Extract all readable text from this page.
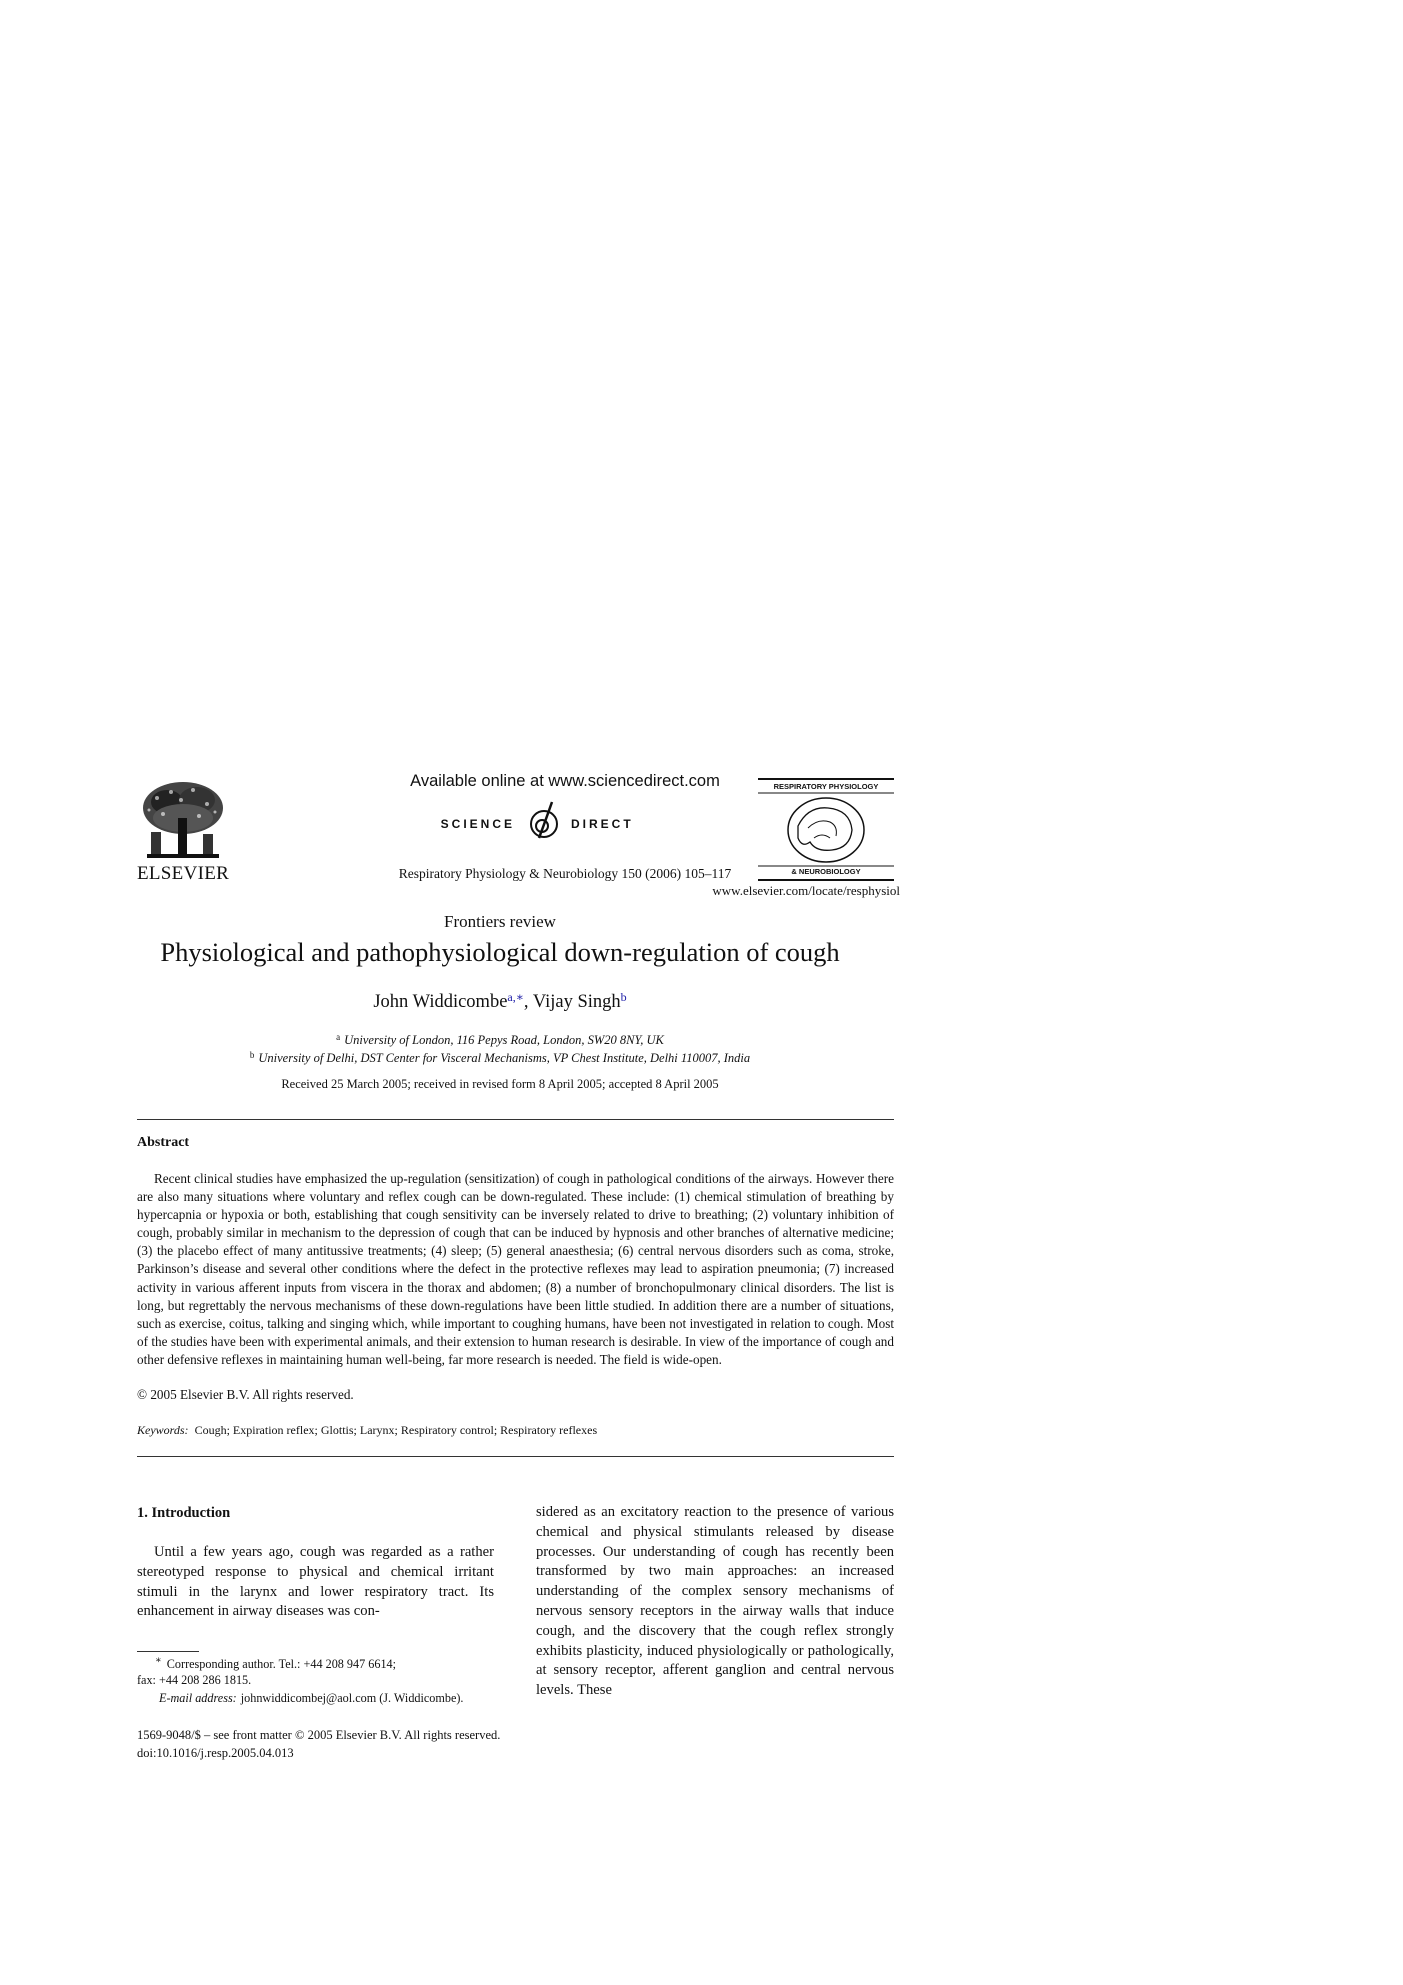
ELSEVIER
Available online at www.sciencedirect.com
SCIENCE	DIRECT
Respiratory Physiology & Neurobiology 150 (2006) 105–117
RESPIRATORY PHYSIOLOGY
& NEUROBIOLOGY
www.elsevier.com/locate/resphysiol
Frontiers review
Physiological and pathophysiological down-regulation of cough
John Widdicombe$^{a,∗}$, Vijay Singh$^b$
$^a$ University of London, 116 Pepys Road, London, SW20 8NY, UK
$^b$ University of Delhi, DST Center for Visceral Mechanisms, VP Chest Institute, Delhi 110007, India
Received 25 March 2005; received in revised form 8 April 2005; accepted 8 April 2005
Abstract
Recent clinical studies have emphasized the up-regulation (sensitization) of cough in pathological conditions of the airways. However there are also many situations where voluntary and reflex cough can be down-regulated. These include: (1) chemical stimulation of breathing by hypercapnia or hypoxia or both, establishing that cough sensitivity can be inversely related to drive to breathing; (2) voluntary inhibition of cough, probably similar in mechanism to the depression of cough that can be induced by hypnosis and other branches of alternative medicine; (3) the placebo effect of many antitussive treatments; (4) sleep; (5) general anaesthesia; (6) central nervous disorders such as coma, stroke, Parkinson’s disease and several other conditions where the defect in the protective reflexes may lead to aspiration pneumonia; (7) increased activity in various afferent inputs from viscera in the thorax and abdomen; (8) a number of bronchopulmonary clinical disorders. The list is long, but regrettably the nervous mechanisms of these down-regulations have been little studied. In addition there are a number of situations, such as exercise, coitus, talking and singing which, while important to coughing humans, have been not investigated in relation to cough. Most of the studies have been with experimental animals, and their extension to human research is desirable. In view of the importance of cough and other defensive reflexes in maintaining human well-being, far more research is needed. The field is wide-open.
© 2005 Elsevier B.V. All rights reserved.
Keywords: Cough; Expiration reflex; Glottis; Larynx; Respiratory control; Respiratory reflexes
1. Introduction
Until a few years ago, cough was regarded as a rather stereotyped response to physical and chemical irritant stimuli in the larynx and lower respiratory tract. Its enhancement in airway diseases was con-
sidered as an excitatory reaction to the presence of various chemical and physical stimulants released by disease processes. Our understanding of cough has recently been transformed by two main approaches: an increased understanding of the complex sensory mechanisms of nervous sensory receptors in the airway walls that induce cough, and the discovery that the cough reflex strongly exhibits plasticity, induced physiologically or pathologically, at sensory receptor, afferent ganglion and central nervous levels. These
∗ Corresponding author. Tel.: +44 208 947 6614;
fax: +44 208 286 1815.
E-mail address: johnwiddicombej@aol.com (J. Widdicombe).
1569-9048/$ – see front matter © 2005 Elsevier B.V. All rights reserved.
doi:10.1016/j.resp.2005.04.013
